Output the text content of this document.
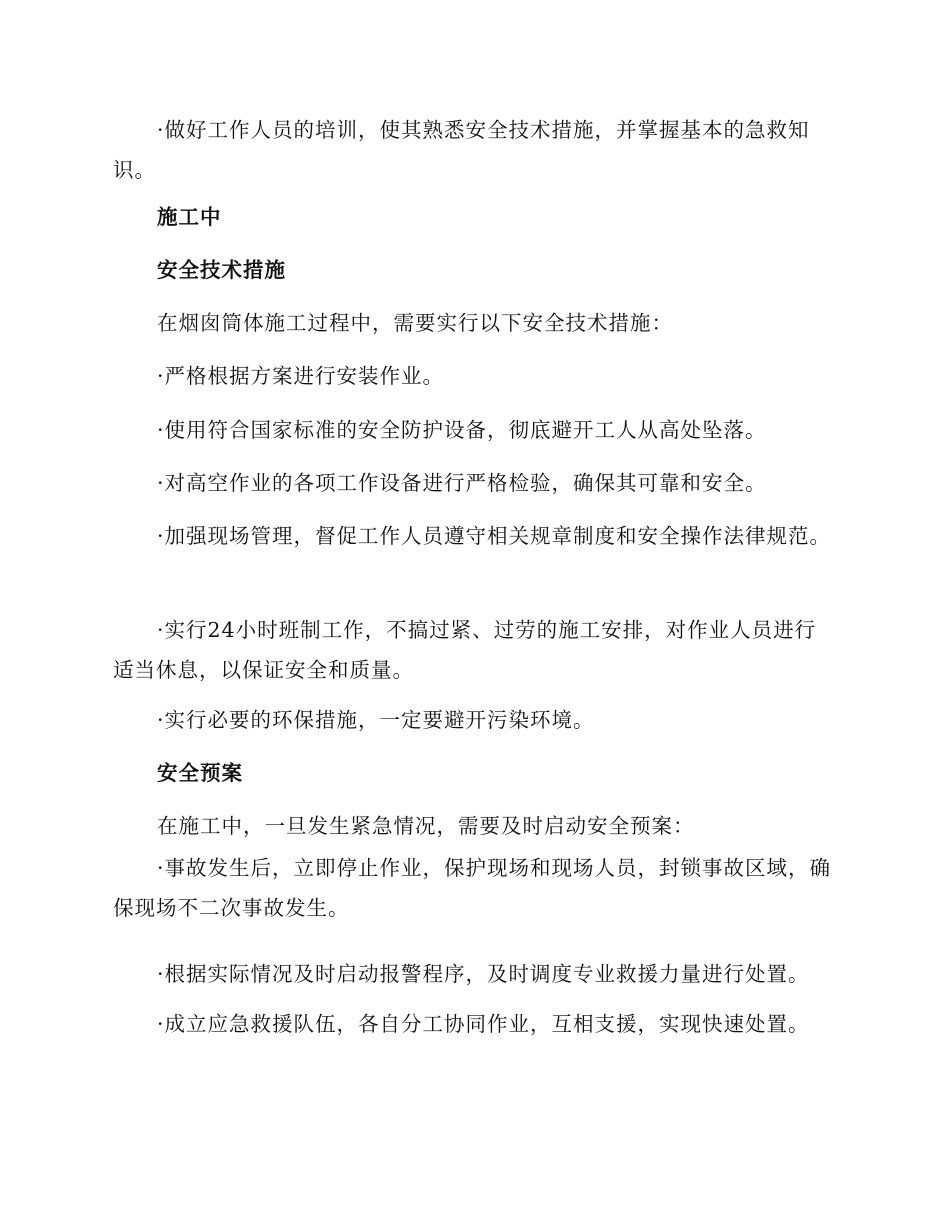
·做好工作人员的培训，使其熟悉安全技术措施，并掌握基本的急救知识。

施工中

安全技术措施

在烟囱筒体施工过程中，需要实行以下安全技术措施：

·严格根据方案进行安装作业。

·使用符合国家标准的安全防护设备，彻底避开工人从高处坠落。

·对高空作业的各项工作设备进行严格检验，确保其可靠和安全。

·加强现场管理，督促工作人员遵守相关规章制度和安全操作法律规范。

·实行24小时班制工作，不搞过紧、过劳的施工安排，对作业人员进行适当休息，以保证安全和质量。

·实行必要的环保措施，一定要避开污染环境。

安全预案

在施工中，一旦发生紧急情况，需要及时启动安全预案：

·事故发生后，立即停止作业，保护现场和现场人员，封锁事故区域，确保现场不二次事故发生。

·根据实际情况及时启动报警程序，及时调度专业救援力量进行处置。

·成立应急救援队伍，各自分工协同作业，互相支援，实现快速处置。
